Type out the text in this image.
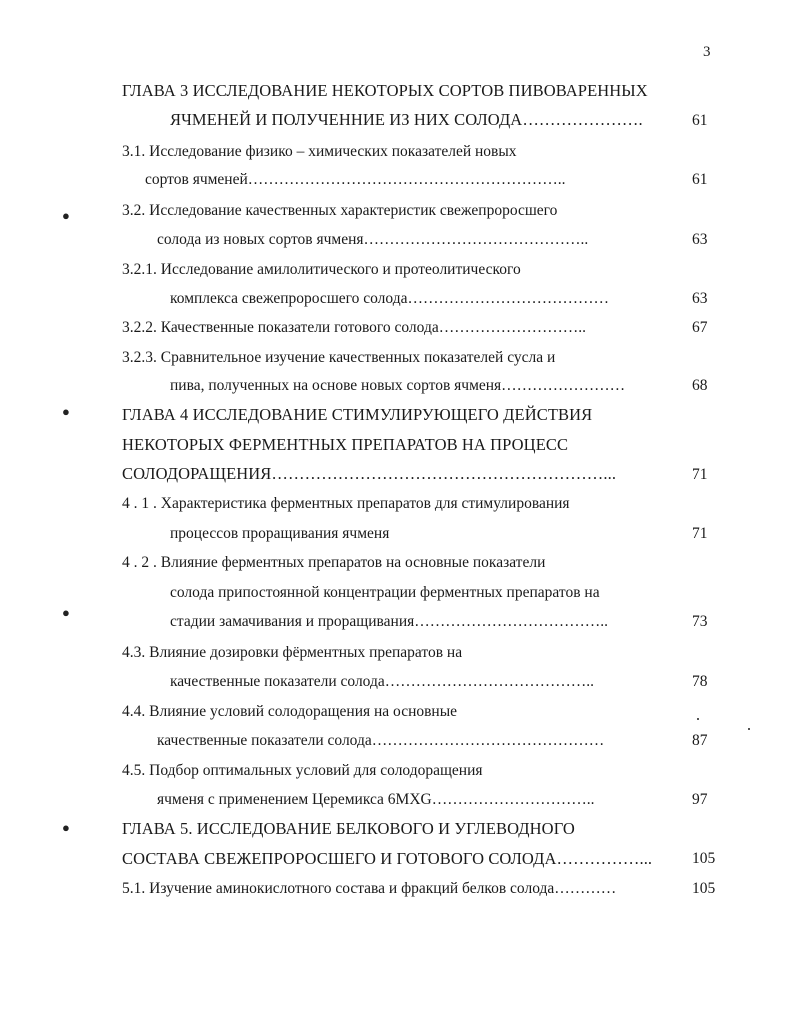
3
ГЛАВА 3 ИССЛЕДОВАНИЕ НЕКОТОРЫХ СОРТОВ ПИВОВАРЕННЫХ
ЯЧМЕНЕЙ И ПОЛУЧЕННИЕ ИЗ НИХ СОЛОДА………………….	61
3.1. Исследование физико – химических показателей новых
сортов ячменей……………………………………………………..	61
3.2. Исследование качественных характеристик свежепроросшего
солода из новых сортов ячменя……………………………………..	63
3.2.1. Исследование амилолитического и протеолитического
комплекса свежепроросшего солода…………………………………	63
3.2.2. Качественные показатели готового солода………………………..	67
3.2.3. Сравнительное изучение качественных показателей сусла и
пива, полученных на основе новых сортов ячменя……………………	68
ГЛАВА 4 ИССЛЕДОВАНИЕ СТИМУЛИРУЮЩЕГО ДЕЙСТВИЯ
НЕКОТОРЫХ ФЕРМЕНТНЫХ ПРЕПАРАТОВ НА ПРОЦЕСС
СОЛОДОРАЩЕНИЯ……………………………………………………...	71
4 . 1 . Характеристика ферментных препаратов для стимулирования
процессов проращивания ячменя	71
4 . 2 . Влияние ферментных препаратов на основные показатели
солода припостоянной концентрации ферментных препаратов на
стадии замачивания и проращивания………………………………..	73
4.3. Влияние дозировки фёрментных препаратов на
качественные показатели солода…………………………………..	78
4.4. Влияние условий солодоращения на основные
качественные показатели солода………………………………………	87
4.5. Подбор оптимальных условий для солодоращения
ячменя с применением Церемикса 6MXG…………………………..	97
ГЛАВА 5. ИССЛЕДОВАНИЕ БЕЛКОВОГО И УГЛЕВОДНОГО
СОСТАВА СВЕЖЕПРОРОСШЕГО И ГОТОВОГО СОЛОДА……………...	105
5.1. Изучение аминокислотного состава и фракций белков солода…………	105
●
●
●
●
